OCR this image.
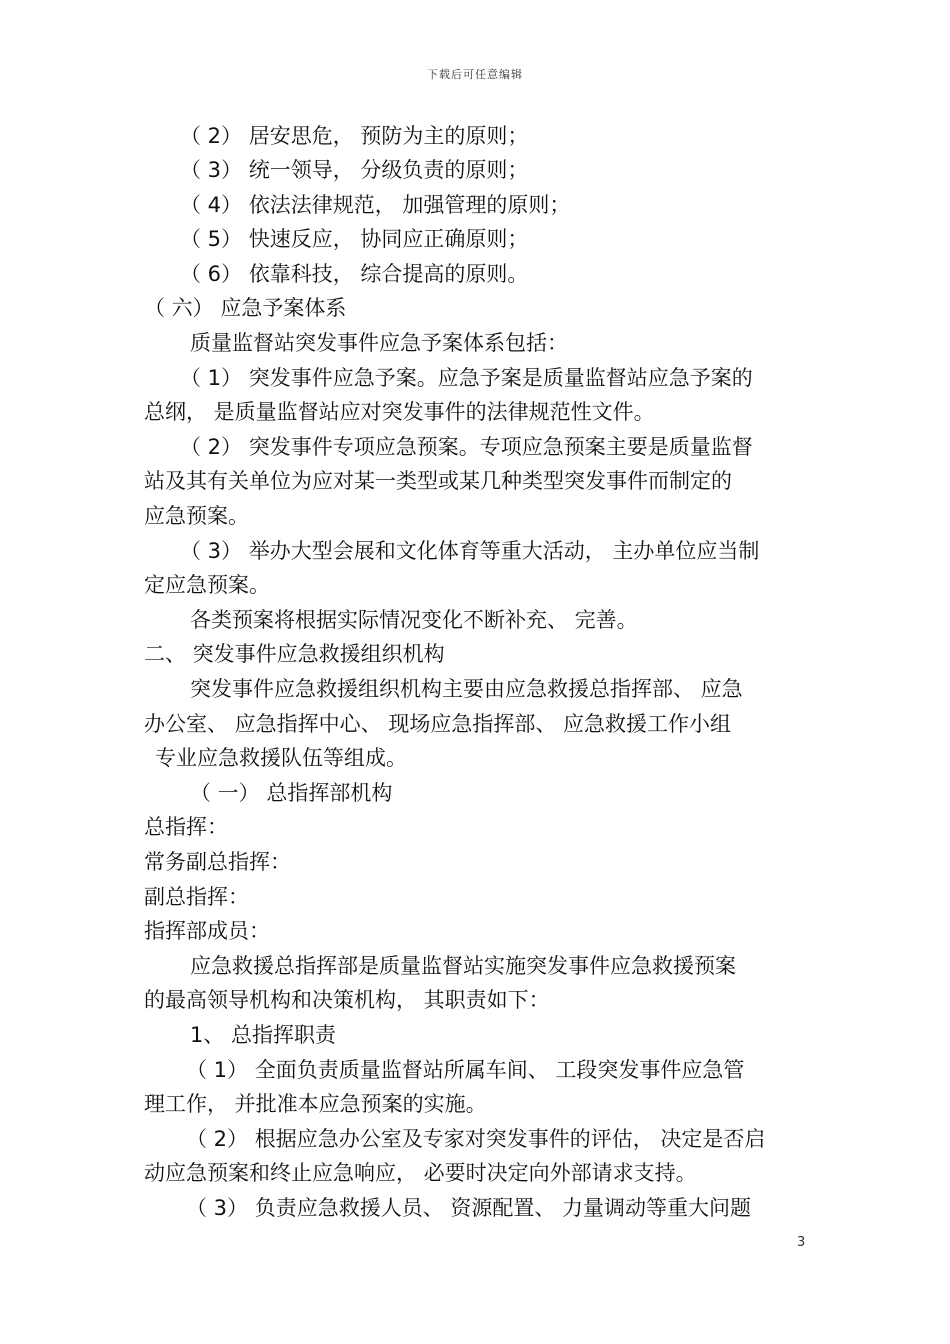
下载后可任意编辑
（ 2） 居安思危， 预防为主的原则；
（ 3） 统一领导， 分级负责的原则；
（ 4） 依法法律规范， 加强管理的原则；
（ 5） 快速反应， 协同应正确原则；
（ 6） 依靠科技， 综合提高的原则。
（ 六） 应急予案体系
质量监督站突发事件应急予案体系包括：
（ 1） 突发事件应急予案。应急予案是质量监督站应急予案的
总纲， 是质量监督站应对突发事件的法律规范性文件。
（ 2） 突发事件专项应急预案。专项应急预案主要是质量监督
站及其有关单位为应对某一类型或某几种类型突发事件而制定的
应急预案。
（ 3） 举办大型会展和文化体育等重大活动， 主办单位应当制
定应急预案。
各类预案将根据实际情况变化不断补充、 完善。
二、 突发事件应急救援组织机构
突发事件应急救援组织机构主要由应急救援总指挥部、 应急
办公室、 应急指挥中心、 现场应急指挥部、 应急救援工作小组
专业应急救援队伍等组成。
（ 一） 总指挥部机构
总指挥：
常务副总指挥：
副总指挥：
指挥部成员：
应急救援总指挥部是质量监督站实施突发事件应急救援预案
的最高领导机构和决策机构， 其职责如下：
1、 总指挥职责
（ 1） 全面负责质量监督站所属车间、 工段突发事件应急管
理工作， 并批准本应急预案的实施。
（ 2） 根据应急办公室及专家对突发事件的评估， 决定是否启
动应急预案和终止应急响应， 必要时决定向外部请求支持。
（ 3） 负责应急救援人员、 资源配置、 力量调动等重大问题
3
